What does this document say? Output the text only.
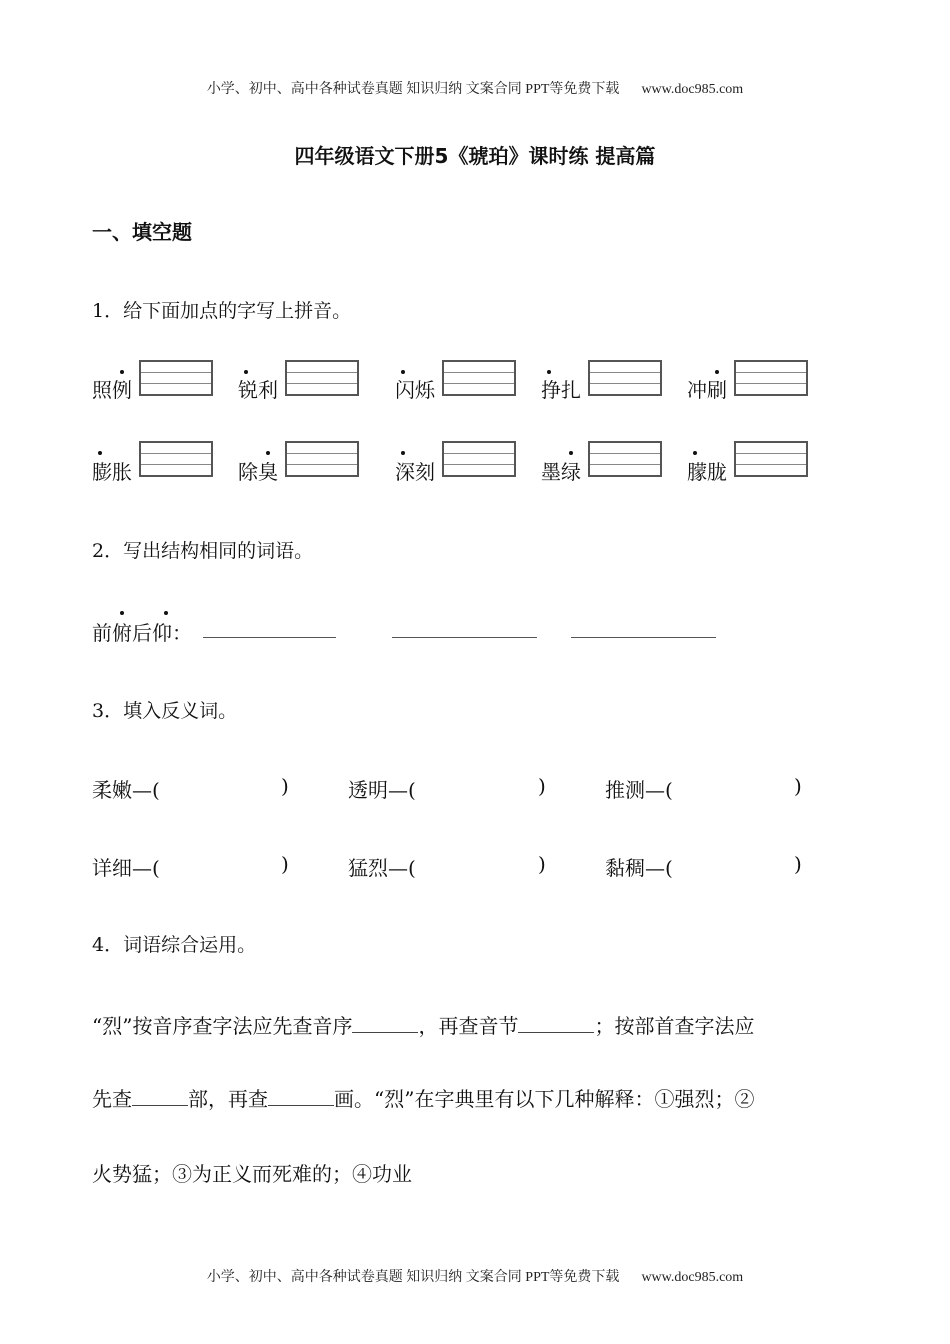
小学、初中、高中各种试卷真题 知识归纳 文案合同 PPT等免费下载 www.doc985.com
四年级语文下册5《琥珀》课时练 提高篇
一、填空题
1．给下面加点的字写上拼音。
照例	锐利	闪烁	挣扎	冲刷
膨胀	除臭	深刻	墨绿	朦胧
2．写出结构相同的词语。
前俯后仰：
3．填入反义词。
柔嫩—(	)	透明—(	)	推测—(	)
详细—(	)	猛烈—(	)	黏稠—(	)
4．词语综合运用。
“烈”按音序查字法应先查音序	，再查音节	；按部首查字法应
先查	部，再查	画。“烈”在字典里有以下几种解释：①强烈；②
火势猛；③为正义而死难的；④功业
小学、初中、高中各种试卷真题 知识归纳 文案合同 PPT等免费下载 www.doc985.com
